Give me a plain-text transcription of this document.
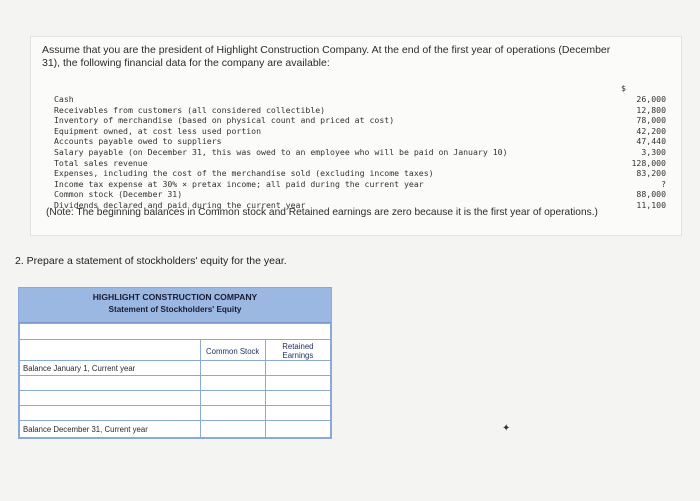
Assume that you are the president of Highlight Construction Company. At the end of the first year of operations (December 31), the following financial data for the company are available:
$
Cash	26,000
Receivables from customers (all considered collectible)	12,800
Inventory of merchandise (based on physical count and priced at cost)	78,000
Equipment owned, at cost less used portion	42,200
Accounts payable owed to suppliers	47,440
Salary payable (on December 31, this was owed to an employee who will be paid on January 10)	3,300
Total sales revenue	128,000
Expenses, including the cost of the merchandise sold (excluding income taxes)	83,200
Income tax expense at 30% × pretax income; all paid during the current year	?
Common stock (December 31)	88,000
Dividends declared and paid during the current year	11,100
(Note: The beginning balances in Common stock and Retained earnings are zero because it is the first year of operations.)
2. Prepare a statement of stockholders' equity for the year.
HIGHLIGHT CONSTRUCTION COMPANY
Statement of Stockholders' Equity

	Common Stock	Retained Earnings
Balance January 1, Current year		

Balance December 31, Current year			✦
